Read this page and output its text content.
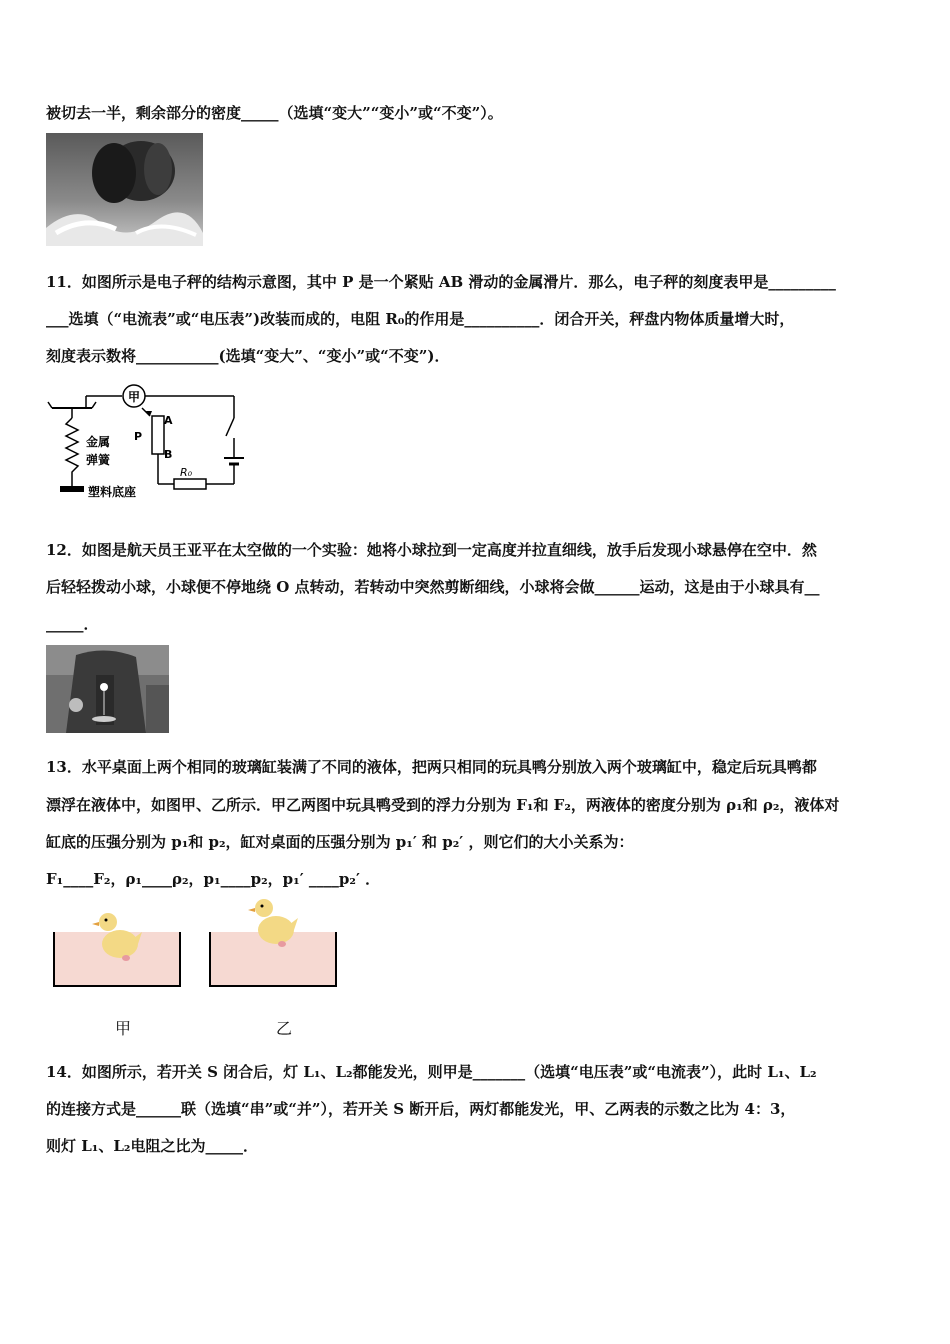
被切去一半，剩余部分的密度_____（选填“变大”“变小”或“不变”）。
11．如图所示是电子秤的结构示意图，其中 P 是一个紧贴 AB 滑动的金属滑片．那么，电子秤的刻度表甲是_________
___选填（“电流表”或“电压表”)改装而成的，电阻 R₀的作用是__________．闭合开关，秤盘内物体质量增大时，
刻度表示数将___________(选填“变大”、“变小”或“不变”)．
甲
R₀
A
B
P
金属
弹簧
塑料底座
12．如图是航天员王亚平在太空做的一个实验：她将小球拉到一定高度并拉直细线，放手后发现小球悬停在空中．然
后轻轻拨动小球，小球便不停地绕 O 点转动，若转动中突然剪断细线，小球将会做______运动，这是由于小球具有__
_____．
13．水平桌面上两个相同的玻璃缸装满了不同的液体，把两只相同的玩具鸭分别放入两个玻璃缸中，稳定后玩具鸭都
漂浮在液体中，如图甲、乙所示．甲乙两图中玩具鸭受到的浮力分别为 F₁和 F₂，两液体的密度分别为 ρ₁和 ρ₂，液体对
缸底的压强分别为 p₁和 p₂，缸对桌面的压强分别为 p₁′ 和 p₂′ ，则它们的大小关系为：
F₁____F₂，ρ₁____ρ₂，p₁____p₂，p₁′ ____p₂′ ．
甲	乙
14．如图所示，若开关 S 闭合后，灯 L₁、L₂都能发光，则甲是_______（选填“电压表”或“电流表”），此时 L₁、L₂
的连接方式是______联（选填“串”或“并”），若开关 S 断开后，两灯都能发光，甲、乙两表的示数之比为 4：3，
则灯 L₁、L₂电阻之比为_____．
